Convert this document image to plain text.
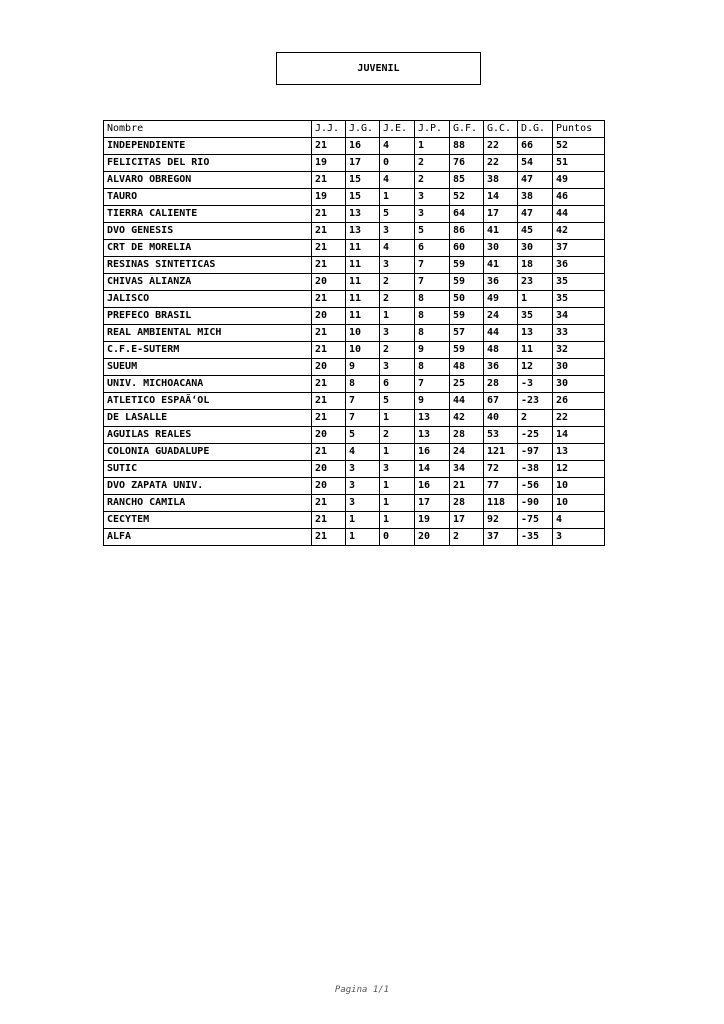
JUVENIL
Nombre	J.J.	J.G.	J.E.	J.P.	G.F.	G.C.	D.G.	Puntos
INDEPENDIENTE	21	16	4	1	88	22	66	52
FELICITAS DEL RIO	19	17	0	2	76	22	54	51
ALVARO OBREGON	21	15	4	2	85	38	47	49
TAURO	19	15	1	3	52	14	38	46
TIERRA CALIENTE	21	13	5	3	64	17	47	44
DVO GENESIS	21	13	3	5	86	41	45	42
CRT DE MORELIA	21	11	4	6	60	30	30	37
RESINAS SINTETICAS	21	11	3	7	59	41	18	36
CHIVAS ALIANZA	20	11	2	7	59	36	23	35
JALISCO	21	11	2	8	50	49	1	35
PREFECO BRASIL	20	11	1	8	59	24	35	34
REAL AMBIENTAL MICH	21	10	3	8	57	44	13	33
C.F.E-SUTERM	21	10	2	9	59	48	11	32
SUEUM	20	9	3	8	48	36	12	30
UNIV. MICHOACANA	21	8	6	7	25	28	-3	30
ATLETICO ESPAÃ‘OL	21	7	5	9	44	67	-23	26
DE LASALLE	21	7	1	13	42	40	2	22
AGUILAS REALES	20	5	2	13	28	53	-25	14
COLONIA GUADALUPE	21	4	1	16	24	121	-97	13
SUTIC	20	3	3	14	34	72	-38	12
DVO ZAPATA UNIV.	20	3	1	16	21	77	-56	10
RANCHO CAMILA	21	3	1	17	28	118	-90	10
CECYTEM	21	1	1	19	17	92	-75	4
ALFA	21	1	0	20	2	37	-35	3
Pagina 1/1
